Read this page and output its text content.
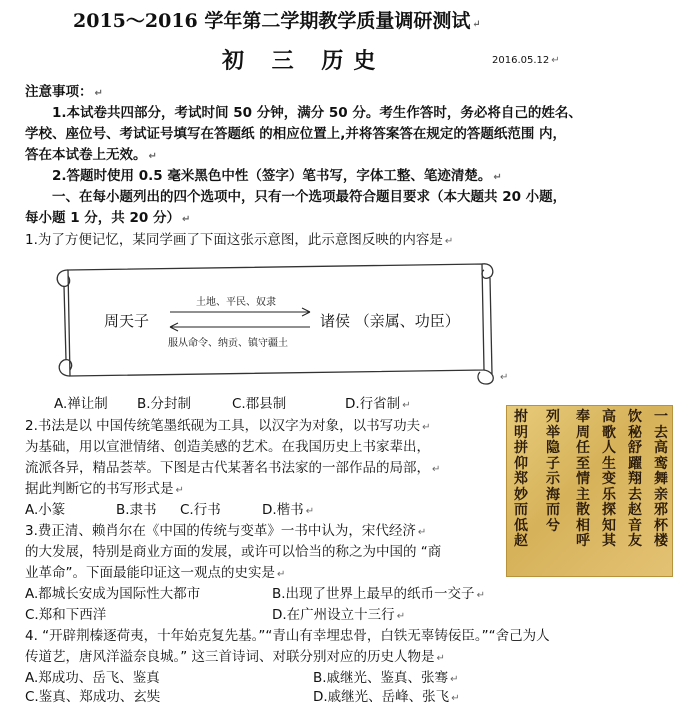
2015～2016 学年第二学期教学质量调研测试 ↵
初 三 历史	2016.05.12 ↵
注意事项： ↵
1.本试卷共四部分，考试时间 50 分钟，满分 50 分。考生作答时，务必将自己的姓名、
学校、座位号、考试证号填写在答题纸 的相应位置上,并将答案答在规定的答题纸范围 内，
答在本试卷上无效。 ↵
2.答题时使用 0.5 毫米黑色中性（签字）笔书写，字体工整、笔迹清楚。 ↵
一、在每小题列出的四个选项中，只有一个选项最符合题目要求（本大题共 20 小题，
每小题 1 分，共 20 分） ↵
1.为了方便记忆，某同学画了下面这张示意图，此示意图反映的内容是 ↵
周天子	诸侯 （亲属、功臣）
土地、平民、奴隶
服从命令、纳贡、镇守疆土
↵
A.禅让制 B.分封制	C.郡县制	D.行省制 ↵
2.书法是以 中国传统笔墨纸砚为工具，以汉字为对象，以书写功夫 ↵
为基础，用以宣泄情绪、创造美感的艺术。在我国历史上书家辈出，
流派各异，精品荟萃。下图是古代某著名书法家的一部作品的局部， ↵
据此判断它的书写形式是 ↵
A.小篆	B.隶书 C.行书	D.楷书 ↵
一去高鸾舞亲邪杯楼
饮秘舒躍翔去赵音友
高歌人生变乐探知其
奉周任至情主散相呼
列举隐子示海而兮
拊明拼仰郑妙而低赵
3.费正清、赖肖尔在《中国的传统与变革》一书中认为，宋代经济 ↵
的大发展，特别是商业方面的发展，或许可以恰当的称之为中国的 “商
业革命”。下面最能印证这一观点的史实是 ↵
A.都城长安成为国际性大都市	B.出现了世界上最早的纸币一交子 ↵
C.郑和下西洋	D.在广州设立十三行 ↵
4. “开辟荆榛逐荷夷，十年始克复先基。”“青山有幸埋忠骨，白铁无辜铸佞臣。”“舍己为人
传道艺，唐风洋溢奈良城。” 这三首诗词、对联分别对应的历史人物是 ↵
A.郑成功、岳飞、鉴真	B.戚继光、鉴真、张骞 ↵
C.鉴真、郑成功、玄奘	D.戚继光、岳峰、张飞 ↵
